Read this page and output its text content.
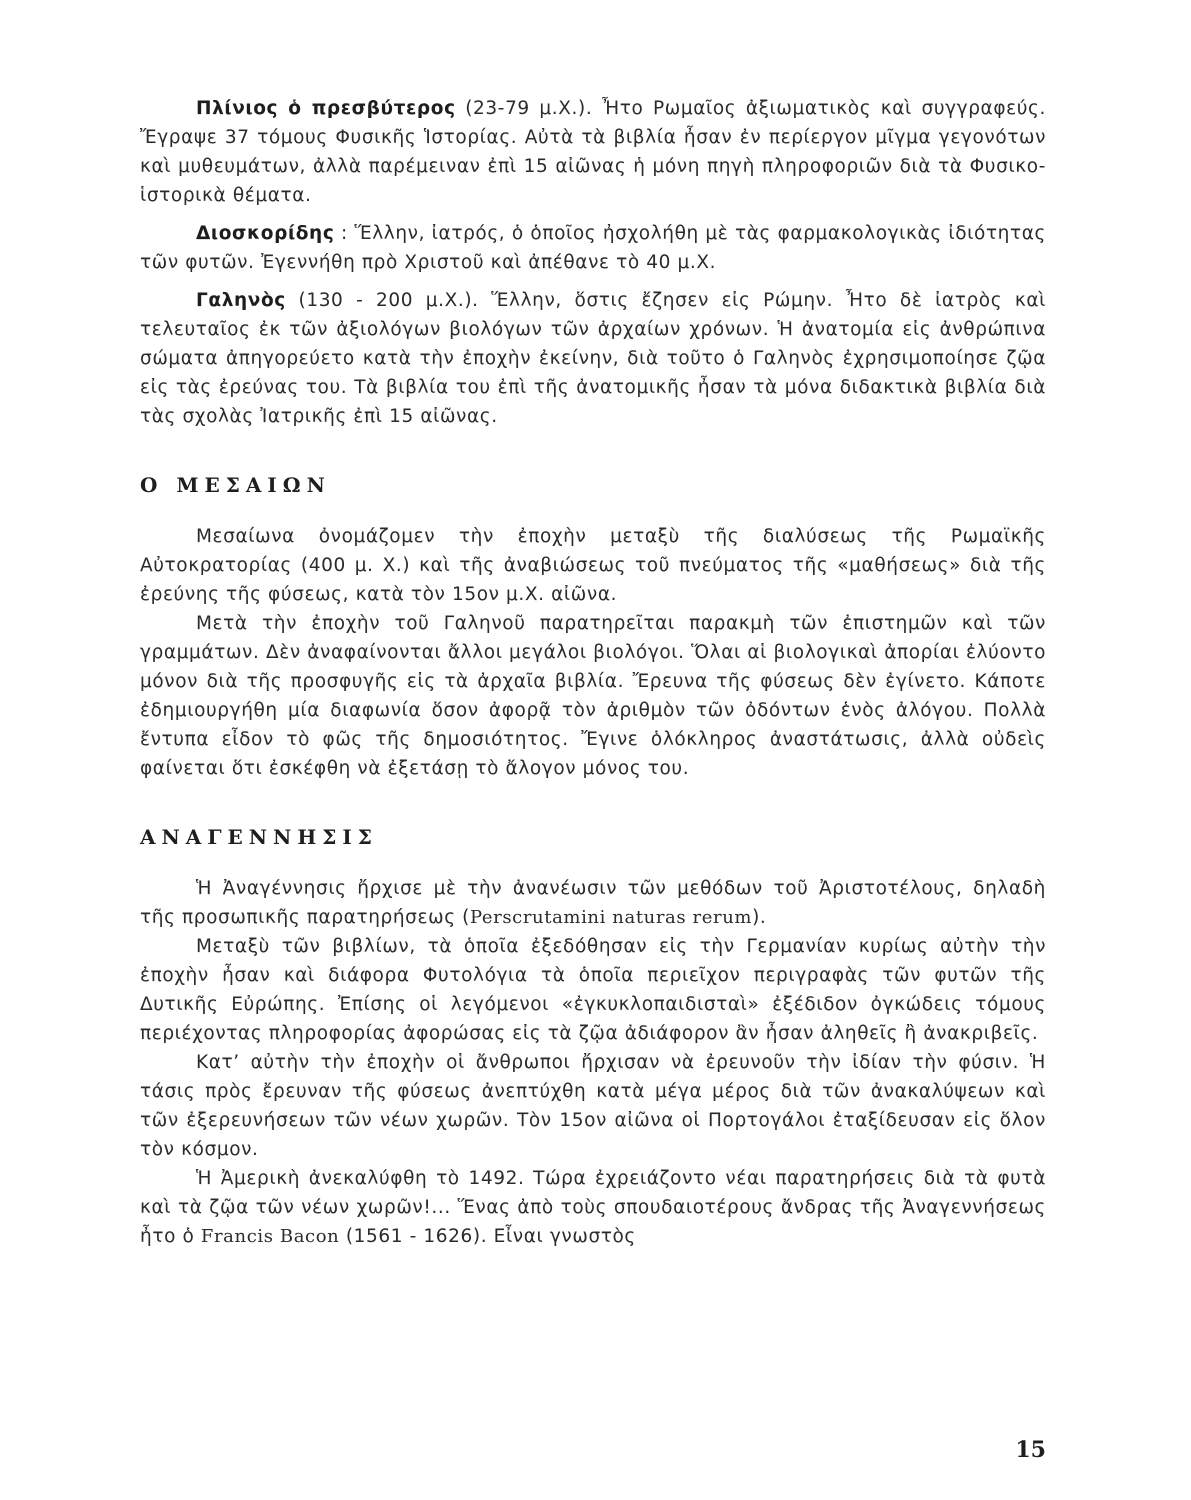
Πλίνιος ὁ πρεσβύτερος (23-79 μ.Χ.). Ἦτο Ρωμαῖος ἀξιωματικὸς καὶ συγγραφεύς. Ἔγραψε 37 τόμους Φυσικῆς Ἱστορίας. Αὐτὰ τὰ βιβλία ἦσαν ἐν περίεργον μῖγμα γεγονότων καὶ μυθευμάτων, ἀλλὰ παρέμειναν ἐπὶ 15 αἰῶνας ἡ μόνη πηγὴ πληροφοριῶν διὰ τὰ Φυσικο-ἱστορικὰ θέματα.

Διοσκορίδης : Ἕλλην, ἰατρός, ὁ ὁποῖος ἠσχολήθη μὲ τὰς φαρμακολογικὰς ἰδιότητας τῶν φυτῶν. Ἐγεννήθη πρὸ Χριστοῦ καὶ ἀπέθανε τὸ 40 μ.Χ.

Γαληνὸς (130 - 200 μ.Χ.). Ἕλλην, ὅστις ἔζησεν εἰς Ρώμην. Ἦτο δὲ ἰατρὸς καὶ τελευταῖος ἐκ τῶν ἀξιολόγων βιολόγων τῶν ἀρχαίων χρόνων. Ἡ ἀνατομία εἰς ἀνθρώπινα σώματα ἀπηγορεύετο κατὰ τὴν ἐποχὴν ἐκείνην, διὰ τοῦτο ὁ Γαληνὸς ἐχρησιμοποίησε ζῷα εἰς τὰς ἐρεύνας του. Τὰ βιβλία του ἐπὶ τῆς ἀνατομικῆς ἦσαν τὰ μόνα διδακτικὰ βιβλία διὰ τὰς σχολὰς Ἰατρικῆς ἐπὶ 15 αἰῶνας.

Ο ΜΕΣΑΙΩΝ

Μεσαίωνα ὀνομάζομεν τὴν ἐποχὴν μεταξὺ τῆς διαλύσεως τῆς Ρωμαϊκῆς Αὐτοκρατορίας (400 μ. Χ.) καὶ τῆς ἀναβιώσεως τοῦ πνεύματος τῆς «μαθήσεως» διὰ τῆς ἐρεύνης τῆς φύσεως, κατὰ τὸν 15ον μ.Χ. αἰῶνα.

Μετὰ τὴν ἐποχὴν τοῦ Γαληνοῦ παρατηρεῖται παρακμὴ τῶν ἐπιστημῶν καὶ τῶν γραμμάτων. Δὲν ἀναφαίνονται ἄλλοι μεγάλοι βιολόγοι. Ὅλαι αἱ βιολογικαὶ ἀπορίαι ἐλύοντο μόνον διὰ τῆς προσφυγῆς εἰς τὰ ἀρχαῖα βιβλία. Ἔρευνα τῆς φύσεως δὲν ἐγίνετο. Κάποτε ἐδημιουργήθη μία διαφωνία ὅσον ἀφορᾷ τὸν ἀριθμὸν τῶν ὀδόντων ἑνὸς ἀλόγου. Πολλὰ ἔντυπα εἶδον τὸ φῶς τῆς δημοσιότητος. Ἔγινε ὁλόκληρος ἀναστάτωσις, ἀλλὰ οὐδεὶς φαίνεται ὅτι ἐσκέφθη νὰ ἐξετάσῃ τὸ ἄλογον μόνος του.

ΑΝΑΓΕΝΝΗΣΙΣ

Ἡ Ἀναγέννησις ἤρχισε μὲ τὴν ἀνανέωσιν τῶν μεθόδων τοῦ Ἀριστοτέλους, δηλαδὴ τῆς προσωπικῆς παρατηρήσεως (Perscrutamini naturas rerum).

Μεταξὺ τῶν βιβλίων, τὰ ὁποῖα ἐξεδόθησαν εἰς τὴν Γερμανίαν κυρίως αὐτὴν τὴν ἐποχὴν ἦσαν καὶ διάφορα Φυτολόγια τὰ ὁποῖα περιεῖχον περιγραφὰς τῶν φυτῶν τῆς Δυτικῆς Εὐρώπης. Ἐπίσης οἱ λεγόμενοι «ἐγκυκλοπαιδισταὶ» ἐξέδιδον ὀγκώδεις τόμους περιέχοντας πληροφορίας ἀφορώσας εἰς τὰ ζῷα ἀδιάφορον ἂν ἦσαν ἀληθεῖς ἢ ἀνακριβεῖς.

Κατ’ αὐτὴν τὴν ἐποχὴν οἱ ἄνθρωποι ἤρχισαν νὰ ἐρευνοῦν τὴν ἰδίαν τὴν φύσιν. Ἡ τάσις πρὸς ἔρευναν τῆς φύσεως ἀνεπτύχθη κατὰ μέγα μέρος διὰ τῶν ἀνακαλύψεων καὶ τῶν ἐξερευνήσεων τῶν νέων χωρῶν. Τὸν 15ον αἰῶνα οἱ Πορτογάλοι ἐταξίδευσαν εἰς ὅλον τὸν κόσμον.

Ἡ Ἀμερικὴ ἀνεκαλύφθη τὸ 1492. Τώρα ἐχρειάζοντο νέαι παρατηρήσεις διὰ τὰ φυτὰ καὶ τὰ ζῷα τῶν νέων χωρῶν!... Ἕνας ἀπὸ τοὺς σπουδαιοτέρους ἄνδρας τῆς Ἀναγεννήσεως ἦτο ὁ Francis Bacon (1561 - 1626). Εἶναι γνωστὸς

15
